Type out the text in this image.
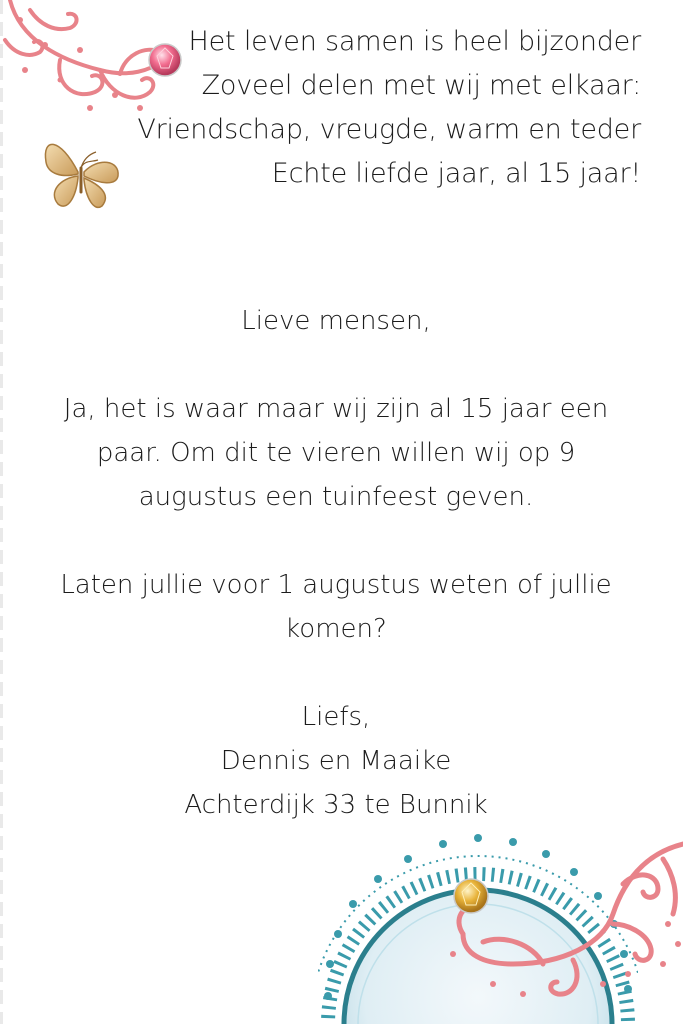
Het leven samen is heel bijzonder
Zoveel delen met wij met elkaar:
Vriendschap, vreugde, warm en teder
Echte liefde jaar, al 15 jaar!
Lieve mensen,
Ja, het is waar maar wij zijn al 15 jaar een
paar. Om dit te vieren willen wij op 9
augustus een tuinfeest geven.
Laten jullie voor 1 augustus weten of jullie
komen?
Liefs,
Dennis en Maaike
Achterdijk 33 te Bunnik
